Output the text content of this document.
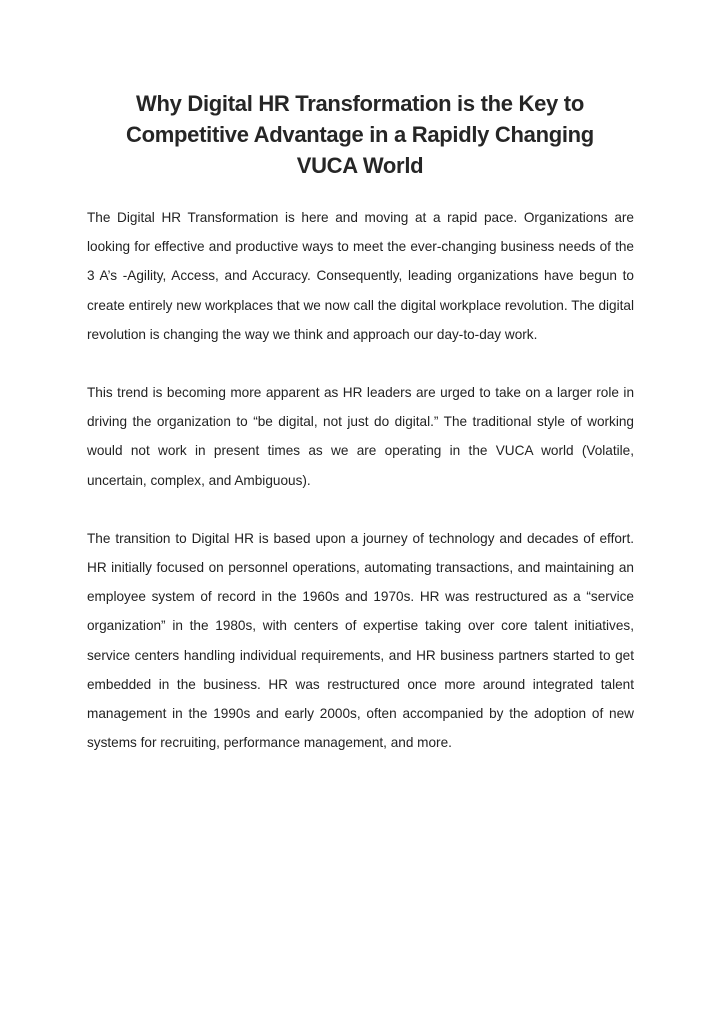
Why Digital HR Transformation is the Key to Competitive Advantage in a Rapidly Changing VUCA World

The Digital HR Transformation is here and moving at a rapid pace. Organizations are looking for effective and productive ways to meet the ever-changing business needs of the 3 A’s -Agility, Access, and Accuracy. Consequently, leading organizations have begun to create entirely new workplaces that we now call the digital workplace revolution. The digital revolution is changing the way we think and approach our day-to-day work.

This trend is becoming more apparent as HR leaders are urged to take on a larger role in driving the organization to “be digital, not just do digital.” The traditional style of working would not work in present times as we are operating in the VUCA world (Volatile, uncertain, complex, and Ambiguous).

The transition to Digital HR is based upon a journey of technology and decades of effort. HR initially focused on personnel operations, automating transactions, and maintaining an employee system of record in the 1960s and 1970s. HR was restructured as a “service organization” in the 1980s, with centers of expertise taking over core talent initiatives, service centers handling individual requirements, and HR business partners started to get embedded in the business. HR was restructured once more around integrated talent management in the 1990s and early 2000s, often accompanied by the adoption of new systems for recruiting, performance management, and more.
